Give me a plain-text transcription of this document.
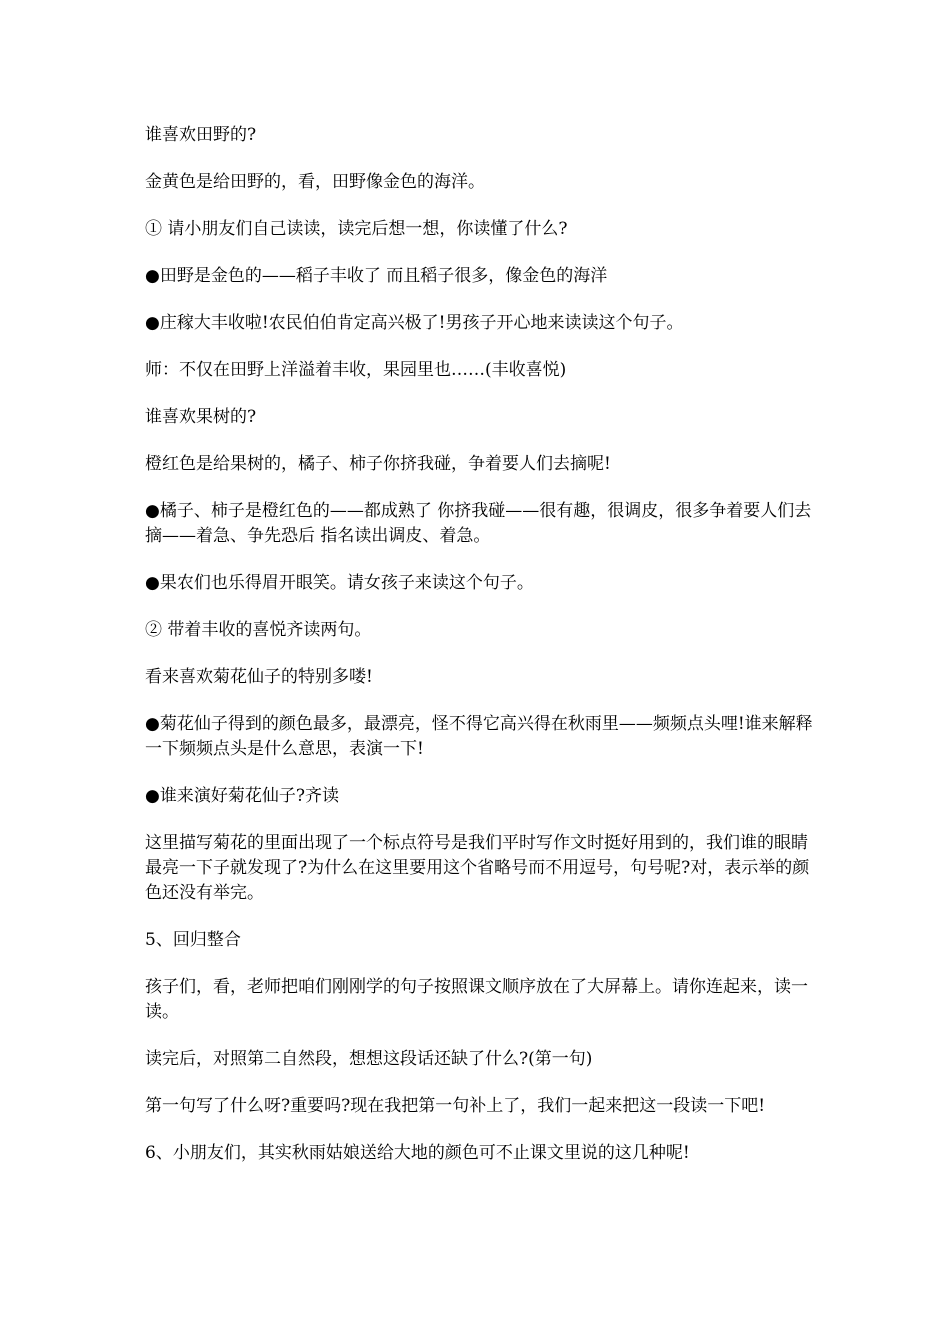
谁喜欢田野的?

金黄色是给田野的，看，田野像金色的海洋。

① 请小朋友们自己读读，读完后想一想，你读懂了什么?

●田野是金色的——稻子丰收了 而且稻子很多，像金色的海洋

●庄稼大丰收啦!农民伯伯肯定高兴极了!男孩子开心地来读读这个句子。

师：不仅在田野上洋溢着丰收，果园里也……(丰收喜悦)

谁喜欢果树的?

橙红色是给果树的，橘子、柿子你挤我碰，争着要人们去摘呢!

●橘子、柿子是橙红色的——都成熟了 你挤我碰——很有趣，很调皮，很多争着要人们去摘——着急、争先恐后 指名读出调皮、着急。

●果农们也乐得眉开眼笑。请女孩子来读这个句子。

② 带着丰收的喜悦齐读两句。

看来喜欢菊花仙子的特别多喽!

●菊花仙子得到的颜色最多，最漂亮，怪不得它高兴得在秋雨里——频频点头哩!谁来解释一下频频点头是什么意思，表演一下!

●谁来演好菊花仙子?齐读

这里描写菊花的里面出现了一个标点符号是我们平时写作文时挺好用到的，我们谁的眼睛最亮一下子就发现了?为什么在这里要用这个省略号而不用逗号，句号呢?对，表示举的颜色还没有举完。

5、回归整合

孩子们，看，老师把咱们刚刚学的句子按照课文顺序放在了大屏幕上。请你连起来，读一读。

读完后，对照第二自然段，想想这段话还缺了什么?(第一句)

第一句写了什么呀?重要吗?现在我把第一句补上了，我们一起来把这一段读一下吧!

6、小朋友们，其实秋雨姑娘送给大地的颜色可不止课文里说的这几种呢!
